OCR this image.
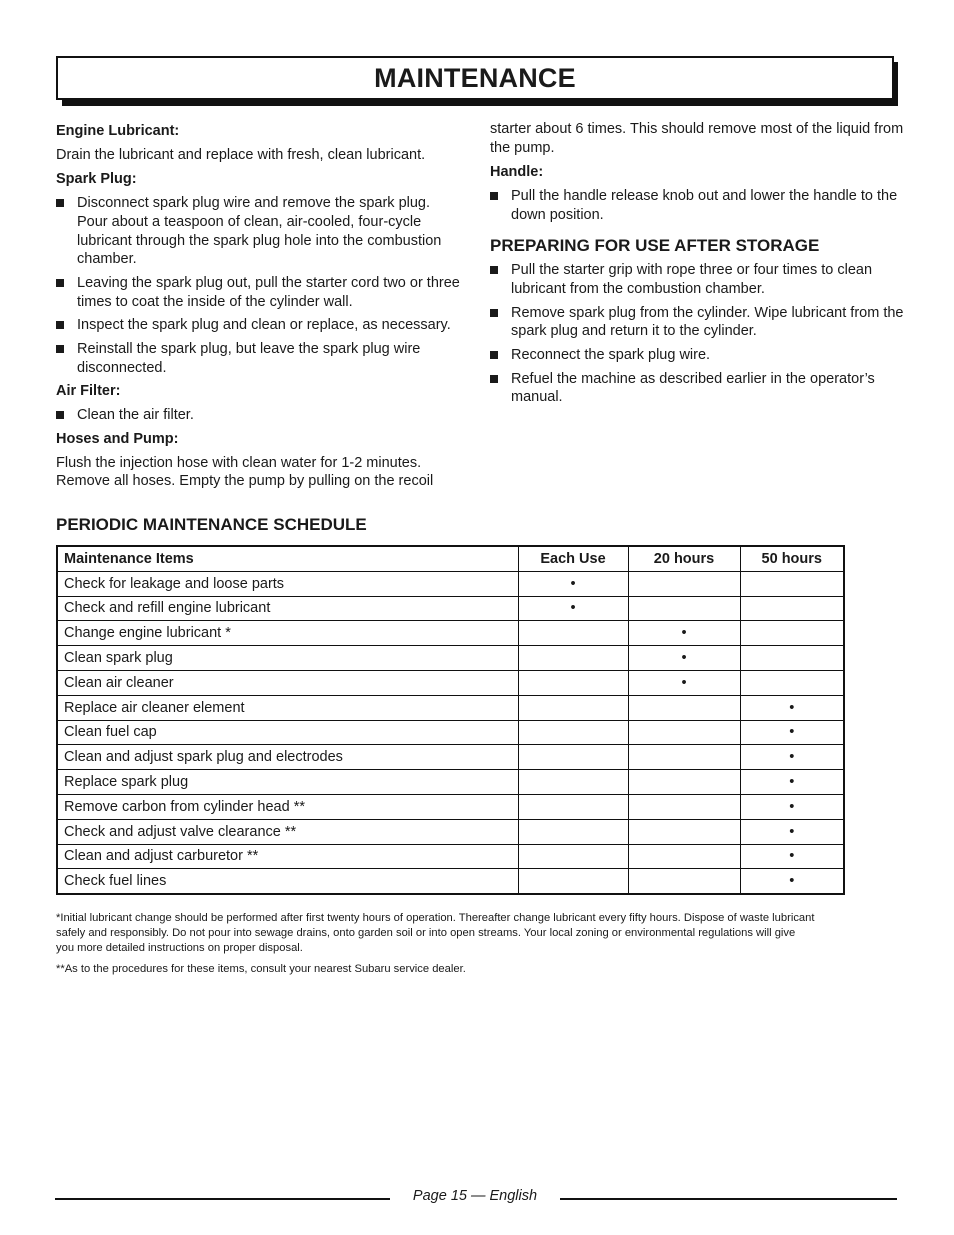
MAINTENANCE
Engine Lubricant:
Drain the lubricant and replace with fresh, clean lubricant.
Spark Plug:
Disconnect spark plug wire and remove the spark plug. Pour about a teaspoon of clean, air-cooled, four-cycle lubricant through the spark plug hole into the combustion chamber.
Leaving the spark plug out, pull the starter cord two or three times to coat the inside of the cylinder wall.
Inspect the spark plug and clean or replace, as necessary.
Reinstall the spark plug, but leave the spark plug wire disconnected.
Air Filter:
Clean the air filter.
Hoses and Pump:
Flush the injection hose with clean water for 1-2 minutes. Remove all hoses. Empty the pump by pulling on the recoil
starter about 6 times. This should remove most of the liquid from the pump.
Handle:
Pull the handle release knob out and lower the handle to the down position.
PREPARING FOR USE AFTER STORAGE
Pull the starter grip with rope three or four times to clean lubricant from the combustion chamber.
Remove spark plug from the cylinder. Wipe lubricant from the spark plug and return it to the cylinder.
Reconnect the spark plug wire.
Refuel the machine as described earlier in the operator’s manual.
PERIODIC MAINTENANCE SCHEDULE
Maintenance Items	Each Use	20 hours	50 hours
Check for leakage and loose parts	•		
Check and refill engine lubricant	•		
Change engine lubricant *		•	
Clean spark plug		•	
Clean air cleaner		•	
Replace air cleaner element			•
Clean fuel cap			•
Clean and adjust spark plug and electrodes			•
Replace spark plug			•
Remove carbon from cylinder head **			•
Check and adjust valve clearance **			•
Clean and adjust carburetor **			•
Check fuel lines			•

*Initial lubricant change should be performed after first twenty hours of operation. Thereafter change lubricant every fifty hours. Dispose of waste lubricant safely and responsibly. Do not pour into sewage drains, onto garden soil or into open streams. Your local zoning or environmental regulations will give you more detailed instructions on proper disposal.

**As to the procedures for these items, consult your nearest Subaru service dealer.

Page 15 — English
